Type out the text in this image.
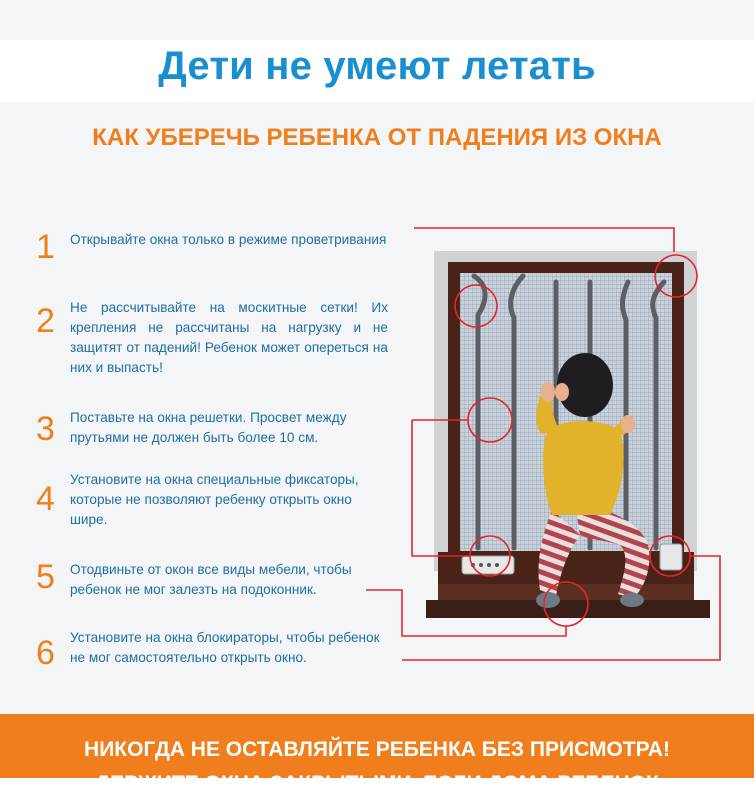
Дети не умеют летать
КАК УБЕРЕЧЬ РЕБЕНКА ОТ ПАДЕНИЯ ИЗ ОКНА
1 Открывайте окна только в режиме проветривания
2 Не рассчитывайте на москитные сетки! Их крепления не рассчитаны на нагрузку и не защитят от падений! Ребенок может опереться на них и выпасть!
3 Поставьте на окна решетки. Просвет между прутьями не должен быть более 10 см.
4
Установите на окна специальные фиксаторы, которые не позволяют ребенку открыть окно шире.
5 Отодвиньте от окон все виды мебели, чтобы ребенок не мог залезть на подоконник.
6 Установите на окна блокираторы, чтобы ребенок не мог самостоятельно открыть окно.
НИКОГДА НЕ ОСТАВЛЯЙТЕ РЕБЕНКА БЕЗ ПРИСМОТРА!
ДЕРЖИТЕ ОКНА ЗАКРЫТЫМИ, ЕСЛИ ДОМА РЕБЕНОК
